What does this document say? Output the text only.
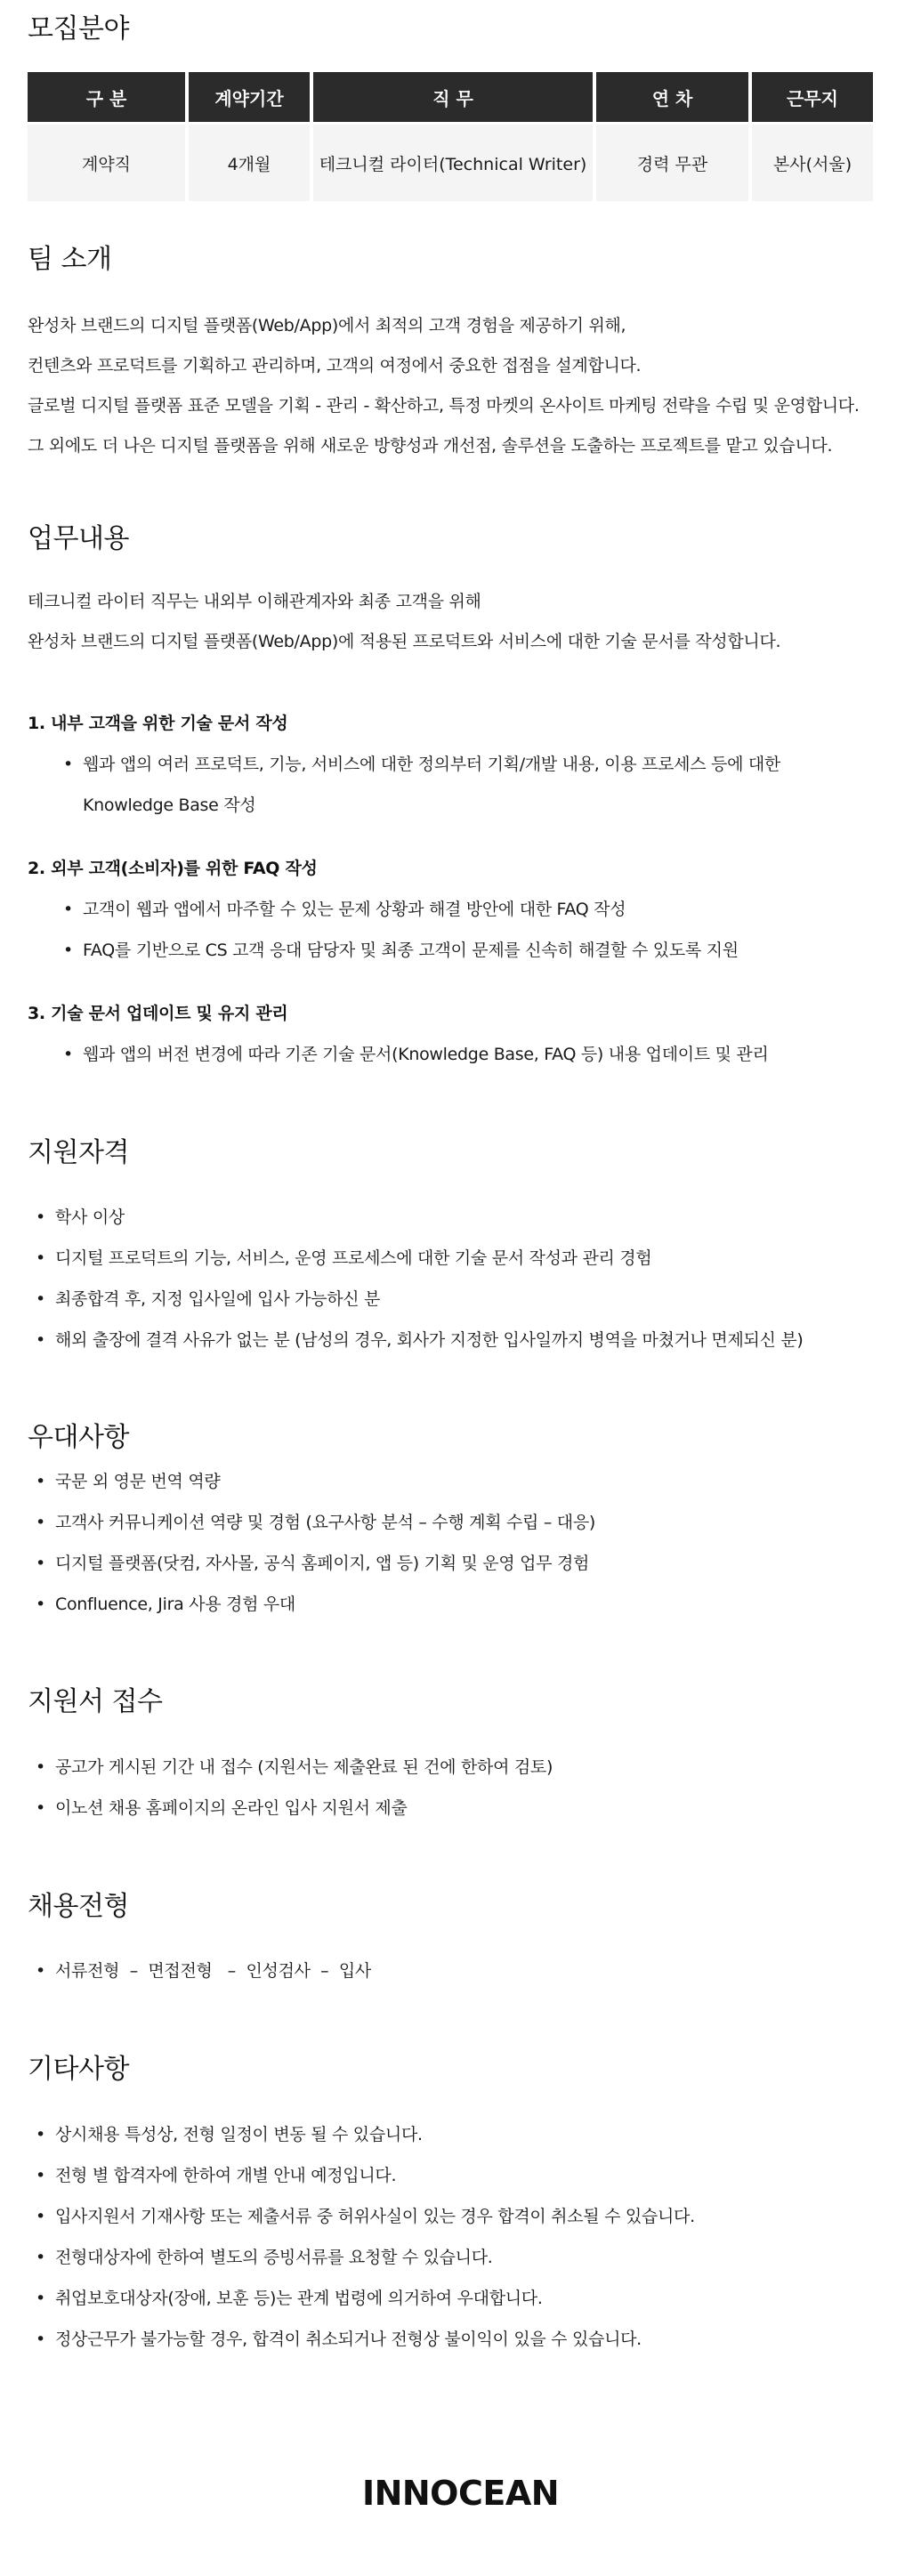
모집분야
구 분	계약기간	직 무	연 차	근무지
계약직	4개월	테크니컬 라이터(Technical Writer)	경력 무관	본사(서울)
팀 소개

완성차 브랜드의 디지털 플랫폼(Web/App)에서 최적의 고객 경험을 제공하기 위해,

컨텐츠와 프로덕트를 기획하고 관리하며, 고객의 여정에서 중요한 접점을 설계합니다.

글로벌 디지털 플랫폼 표준 모델을 기획 - 관리 - 확산하고, 특정 마켓의 온사이트 마케팅 전략을 수립 및 운영합니다.

그 외에도 더 나은 디지털 플랫폼을 위해 새로운 방향성과 개선점, 솔루션을 도출하는 프로젝트를 맡고 있습니다.

업무내용

테크니컬 라이터 직무는 내외부 이해관계자와 최종 고객을 위해

완성차 브랜드의 디지털 플랫폼(Web/App)에 적용된 프로덕트와 서비스에 대한 기술 문서를 작성합니다.

1. 내부 고객을 위한 기술 문서 작성
• 웹과 앱의 여러 프로덕트, 기능, 서비스에 대한 정의부터 기획/개발 내용, 이용 프로세스 등에 대한
Knowledge Base 작성
2. 외부 고객(소비자)를 위한 FAQ 작성
• 고객이 웹과 앱에서 마주할 수 있는 문제 상황과 해결 방안에 대한 FAQ 작성
• FAQ를 기반으로 CS 고객 응대 담당자 및 최종 고객이 문제를 신속히 해결할 수 있도록 지원
3. 기술 문서 업데이트 및 유지 관리
• 웹과 앱의 버전 변경에 따라 기존 기술 문서(Knowledge Base, FAQ 등) 내용 업데이트 및 관리
지원자격
• 학사 이상
• 디지털 프로덕트의 기능, 서비스, 운영 프로세스에 대한 기술 문서 작성과 관리 경험
• 최종합격 후, 지정 입사일에 입사 가능하신 분
• 해외 출장에 결격 사유가 없는 분 (남성의 경우, 회사가 지정한 입사일까지 병역을 마쳤거나 면제되신 분)
우대사항
• 국문 외 영문 번역 역량
• 고객사 커뮤니케이션 역량 및 경험 (요구사항 분석 – 수행 계획 수립 – 대응)
• 디지털 플랫폼(닷컴, 자사몰, 공식 홈페이지, 앱 등) 기획 및 운영 업무 경험
• Confluence, Jira 사용 경험 우대
지원서 접수
• 공고가 게시된 기간 내 접수 (지원서는 제출완료 된 건에 한하여 검토)
• 이노션 채용 홈페이지의 온라인 입사 지원서 제출
채용전형
• 서류전형  –  면접전형   –  인성검사  –  입사
기타사항
• 상시채용 특성상, 전형 일정이 변동 될 수 있습니다.
• 전형 별 합격자에 한하여 개별 안내 예정입니다.
• 입사지원서 기재사항 또는 제출서류 중 허위사실이 있는 경우 합격이 취소될 수 있습니다.
• 전형대상자에 한하여 별도의 증빙서류를 요청할 수 있습니다.
• 취업보호대상자(장애, 보훈 등)는 관계 법령에 의거하여 우대합니다.
• 정상근무가 불가능할 경우, 합격이 취소되거나 전형상 불이익이 있을 수 있습니다.
INNOCEAN
